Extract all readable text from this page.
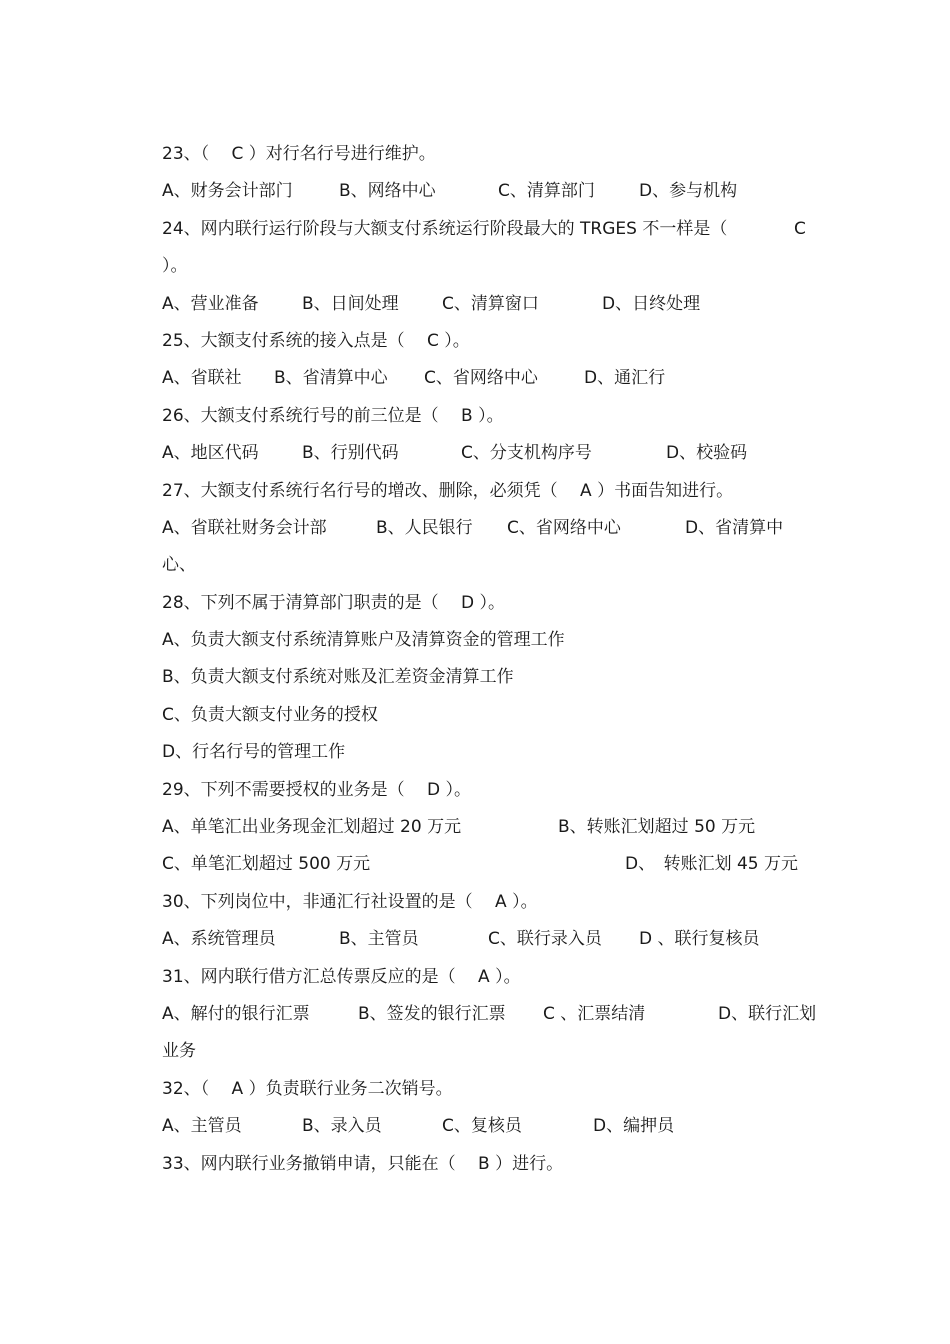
23、（　 C ）对行名行号进行维护。
A、财务会计部门	B、网络中心	C、清算部门	D、参与机构
24、网内联行运行阶段与大额支付系统运行阶段最大的 TRGES 不一样是（	C
）。
A、营业准备	B、日间处理	C、清算窗口	D、日终处理
25、大额支付系统的接入点是（　 C ）。
A、省联社 B、省清算中心 C、省网络中心	D、通汇行
26、大额支付系统行号的前三位是（　 B ）。
A、地区代码	B、行别代码	C、分支机构序号	D、校验码
27、大额支付系统行名行号的增改、删除，必须凭（　 A ）书面告知进行。
A、省联社财务会计部	B、人民银行 C、省网络中心	D、省清算中
心、
28、下列不属于清算部门职责的是（　 D ）。
A、负责大额支付系统清算账户及清算资金的管理工作
B、负责大额支付系统对账及汇差资金清算工作
C、负责大额支付业务的授权
D、行名行号的管理工作
29、下列不需要授权的业务是（　 D ）。
A、单笔汇出业务现金汇划超过 20 万元	B、转账汇划超过 50 万元
C、单笔汇划超过 500 万元	D、　转账汇划 45 万元
30、下列岗位中，非通汇行社设置的是（　 A ）。
A、系统管理员	B、主管员	C、联行录入员 D 、联行复核员
31、网内联行借方汇总传票反应的是（　 A ）。
A、解付的银行汇票	B、签发的银行汇票 C 、汇票结清	D、联行汇划
业务
32、（　 A ）负责联行业务二次销号。
A、主管员	B、录入员	C、复核员	D、编押员
33、网内联行业务撤销申请，只能在（　 B ）进行。
